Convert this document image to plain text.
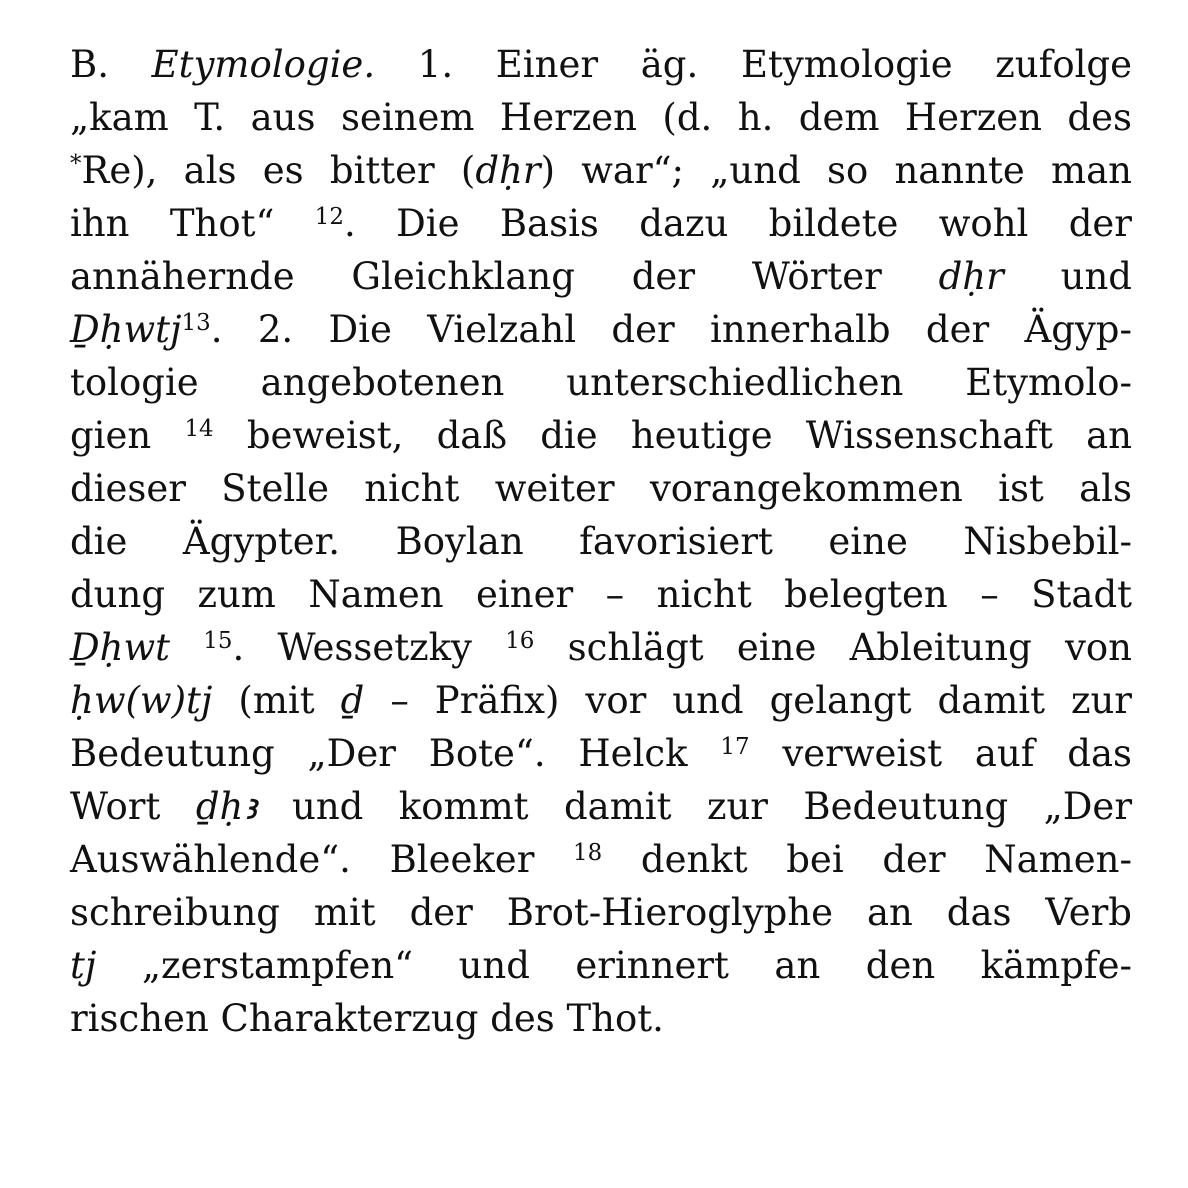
B. Etymologie. 1. Einer äg. Etymologie zufolge
„kam T. aus seinem Herzen (d. h. dem Herzen des
*Re), als es bitter (dḥr) war“; „und so nannte man
ihn Thot“ $^{12}$. Die Basis dazu bildete wohl der
annähernde Gleichklang der Wörter dḥr und
Ḏḥwtj$^{13}$. 2. Die Vielzahl der innerhalb der Ägyp-
tologie angebotenen unterschiedlichen Etymolo-
gien $^{14}$ beweist, daß die heutige Wissenschaft an
dieser Stelle nicht weiter vorangekommen ist als
die Ägypter. Boylan favorisiert eine Nisbebil-
dung zum Namen einer – nicht belegten – Stadt
Ḏḥwt $^{15}$. Wessetzky $^{16}$ schlägt eine Ableitung von
ḥw(w)tj (mit ḏ – Präfix) vor und gelangt damit zur
Bedeutung „Der Bote“. Helck $^{17}$ verweist auf das
Wort ḏḥꜣ und kommt damit zur Bedeutung „Der
Auswählende“. Bleeker $^{18}$ denkt bei der Namen-
schreibung mit der Brot-Hieroglyphe an das Verb
tj „zerstampfen“ und erinnert an den kämpfe-
rischen Charakterzug des Thot.
